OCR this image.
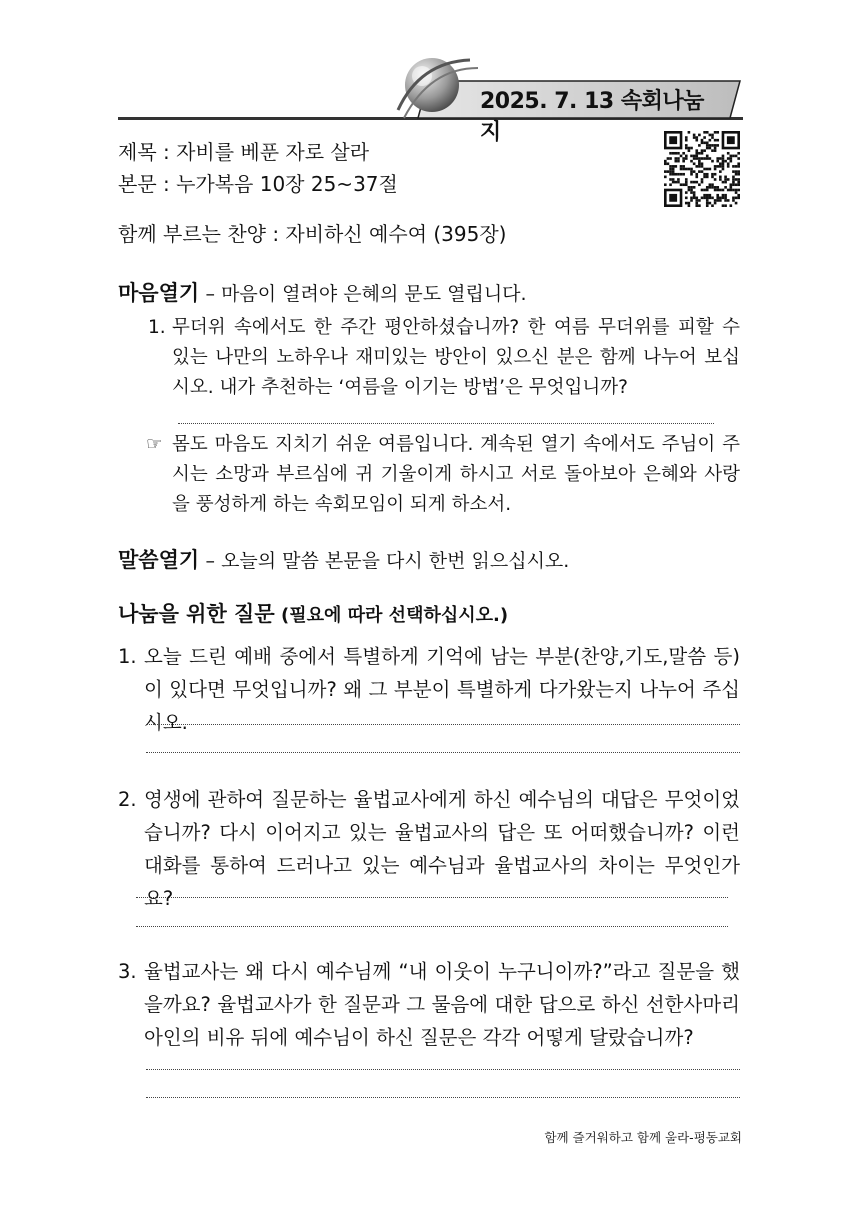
2025. 7. 13 속회나눔지
제목 : 자비를 베푼 자로 살라
본문 : 누가복음 10장 25~37절
함께 부르는 찬양 : 자비하신 예수여 (395장)
마음열기 – 마음이 열려야 은혜의 문도 열립니다.
1. 무더위 속에서도 한 주간 평안하셨습니까? 한 여름 무더위를 피할 수 있는 나만의 노하우나 재미있는 방안이 있으신 분은 함께 나누어 보십시오. 내가 추천하는 ‘여름을 이기는 방법’은 무엇입니까?
☞ 몸도 마음도 지치기 쉬운 여름입니다. 계속된 열기 속에서도 주님이 주시는 소망과 부르심에 귀 기울이게 하시고 서로 돌아보아 은혜와 사랑을 풍성하게 하는 속회모임이 되게 하소서.
말씀열기 – 오늘의 말씀 본문을 다시 한번 읽으십시오.
나눔을 위한 질문 (필요에 따라 선택하십시오.)
1. 오늘 드린 예배 중에서 특별하게 기억에 남는 부분(찬양,기도,말씀 등)이 있다면 무엇입니까? 왜 그 부분이 특별하게 다가왔는지 나누어 주십시오.
2. 영생에 관하여 질문하는 율법교사에게 하신 예수님의 대답은 무엇이었습니까? 다시 이어지고 있는 율법교사의 답은 또 어떠했습니까? 이런 대화를 통하여 드러나고 있는 예수님과 율법교사의 차이는 무엇인가요?
3. 율법교사는 왜 다시 예수님께 “내 이웃이 누구니이까?”라고 질문을 했을까요? 율법교사가 한 질문과 그 물음에 대한 답으로 하신 선한사마리아인의 비유 뒤에 예수님이 하신 질문은 각각 어떻게 달랐습니까?
함께 즐거워하고 함께 울라-평동교회
